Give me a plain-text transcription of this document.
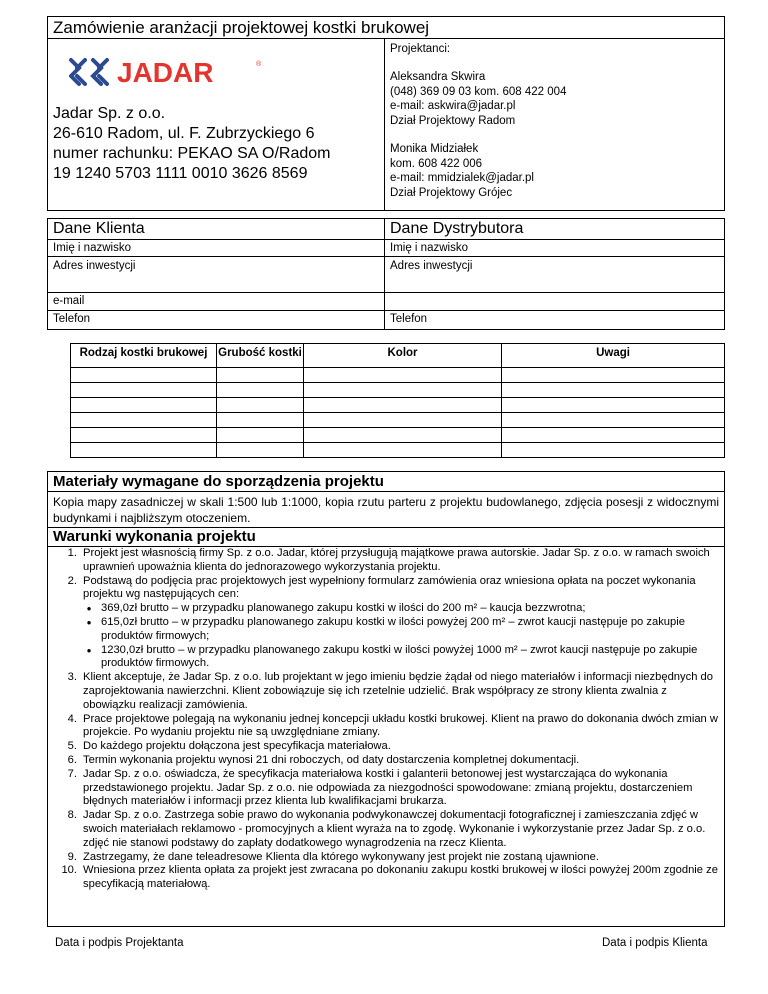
Zamówienie aranżacji projektowej kostki brukowej
JADAR	®
Jadar Sp. z o.o.
26-610 Radom, ul. F. Zubrzyckiego 6
numer rachunku: PEKAO SA O/Radom
19 1240 5703 1111 0010 3626 8569
Projektanci:
Aleksandra Skwira
(048) 369 09 03 kom. 608 422 004
e-mail: askwira@jadar.pl
Dział Projektowy Radom
Monika Midziałek
kom. 608 422 006
e-mail: mmidzialek@jadar.pl
Dział Projektowy Grójec
Dane Klienta	Dane Dystrybutora
Imię i nazwisko	Imię i nazwisko
Adres inwestycji	Adres inwestycji
e-mail
Telefon	Telefon
Rodzaj kostki brukowej	Grubość kostki	Kolor	Uwagi

Materiały wymagane do sporządzenia projektu
Kopia mapy zasadniczej w skali 1:500 lub 1:1000, kopia rzutu parteru z projektu budowlanego, zdjęcia posesji z widocznymi budynkami i najbliższym otoczeniem.
Warunki wykonania projektu
1. Projekt jest własnością firmy Sp. z o.o. Jadar, której przysługują majątkowe prawa autorskie. Jadar Sp. z o.o. w ramach swoich uprawnień upoważnia klienta do jednorazowego wykorzystania projektu.
2. Podstawą do podjęcia prac projektowych jest wypełniony formularz zamówienia oraz wniesiona opłata na poczet wykonania projektu wg następujących cen:
• 369,0zł brutto – w przypadku planowanego zakupu kostki w ilości do 200 m² – kaucja bezzwrotna;
• 615,0zł brutto – w przypadku planowanego zakupu kostki w ilości powyżej 200 m² – zwrot kaucji następuje po zakupie produktów firmowych;
• 1230,0zł brutto – w przypadku planowanego zakupu kostki w ilości powyżej 1000 m² – zwrot kaucji następuje po zakupie produktów firmowych.
3. Klient akceptuje, że Jadar Sp. z o.o. lub projektant w jego imieniu będzie żądał od niego materiałów i informacji niezbędnych do zaprojektowania nawierzchni. Klient zobowiązuje się ich rzetelnie udzielić. Brak współpracy ze strony klienta zwalnia z obowiązku realizacji zamówienia.
4. Prace projektowe polegają na wykonaniu jednej koncepcji układu kostki brukowej. Klient na prawo do dokonania dwóch zmian w projekcie. Po wydaniu projektu nie są uwzględniane zmiany.
5. Do każdego projektu dołączona jest specyfikacja materiałowa.
6. Termin wykonania projektu wynosi 21 dni roboczych, od daty dostarczenia kompletnej dokumentacji.
7. Jadar Sp. z o.o. oświadcza, że specyfikacja materiałowa kostki i galanterii betonowej jest wystarczająca do wykonania przedstawionego projektu. Jadar Sp. z o.o. nie odpowiada za niezgodności spowodowane: zmianą projektu, dostarczeniem błędnych materiałów i informacji przez klienta lub kwalifikacjami brukarza.
8. Jadar Sp. z o.o. Zastrzega sobie prawo do wykonania podwykonawczej dokumentacji fotograficznej i zamieszczania zdjęć w swoich materiałach reklamowo - promocyjnych a klient wyraża na to zgodę. Wykonanie i wykorzystanie przez Jadar Sp. z o.o. zdjęć nie stanowi podstawy do zapłaty dodatkowego wynagrodzenia na rzecz Klienta.
9. Zastrzegamy, że dane teleadresowe Klienta dla którego wykonywany jest projekt nie zostaną ujawnione.
10. Wniesiona przez klienta opłata za projekt jest zwracana po dokonaniu zakupu kostki brukowej w ilości powyżej 200m zgodnie ze specyfikacją materiałową.
Data i podpis Projektanta	Data i podpis Klienta
